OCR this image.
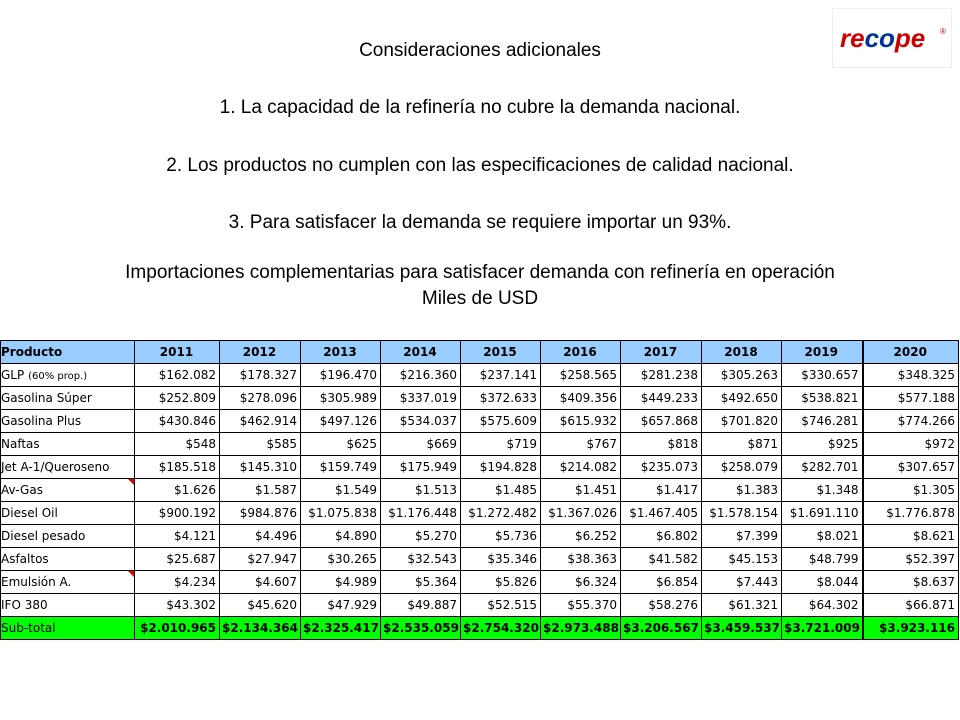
recope ®
Consideraciones adicionales
1. La capacidad de la refinería no cubre la demanda nacional.
2. Los productos no cumplen con las especificaciones de calidad nacional.
3. Para satisfacer la demanda se requiere importar un 93%.
Importaciones complementarias para satisfacer demanda con refinería en operación
Miles de USD
Producto	2011	2012	2013	2014	2015	2016	2017	2018	2019	2020
GLP (60% prop.)	$162.082	$178.327	$196.470	$216.360	$237.141	$258.565	$281.238	$305.263	$330.657	$348.325
Gasolina Súper	$252.809	$278.096	$305.989	$337.019	$372.633	$409.356	$449.233	$492.650	$538.821	$577.188
Gasolina Plus	$430.846	$462.914	$497.126	$534.037	$575.609	$615.932	$657.868	$701.820	$746.281	$774.266
Naftas	$548	$585	$625	$669	$719	$767	$818	$871	$925	$972
Jet A-1/Queroseno	$185.518	$145.310	$159.749	$175.949	$194.828	$214.082	$235.073	$258.079	$282.701	$307.657
Av-Gas	$1.626	$1.587	$1.549	$1.513	$1.485	$1.451	$1.417	$1.383	$1.348	$1.305
Diesel Oil	$900.192	$984.876	$1.075.838	$1.176.448	$1.272.482	$1.367.026	$1.467.405	$1.578.154	$1.691.110	$1.776.878
Diesel pesado	$4.121	$4.496	$4.890	$5.270	$5.736	$6.252	$6.802	$7.399	$8.021	$8.621
Asfaltos	$25.687	$27.947	$30.265	$32.543	$35.346	$38.363	$41.582	$45.153	$48.799	$52.397
Emulsión A.	$4.234	$4.607	$4.989	$5.364	$5.826	$6.324	$6.854	$7.443	$8.044	$8.637
IFO 380	$43.302	$45.620	$47.929	$49.887	$52.515	$55.370	$58.276	$61.321	$64.302	$66.871
Sub-total	$2.010.965	$2.134.364	$2.325.417	$2.535.059	$2.754.320	$2.973.488	$3.206.567	$3.459.537	$3.721.009	$3.923.116
